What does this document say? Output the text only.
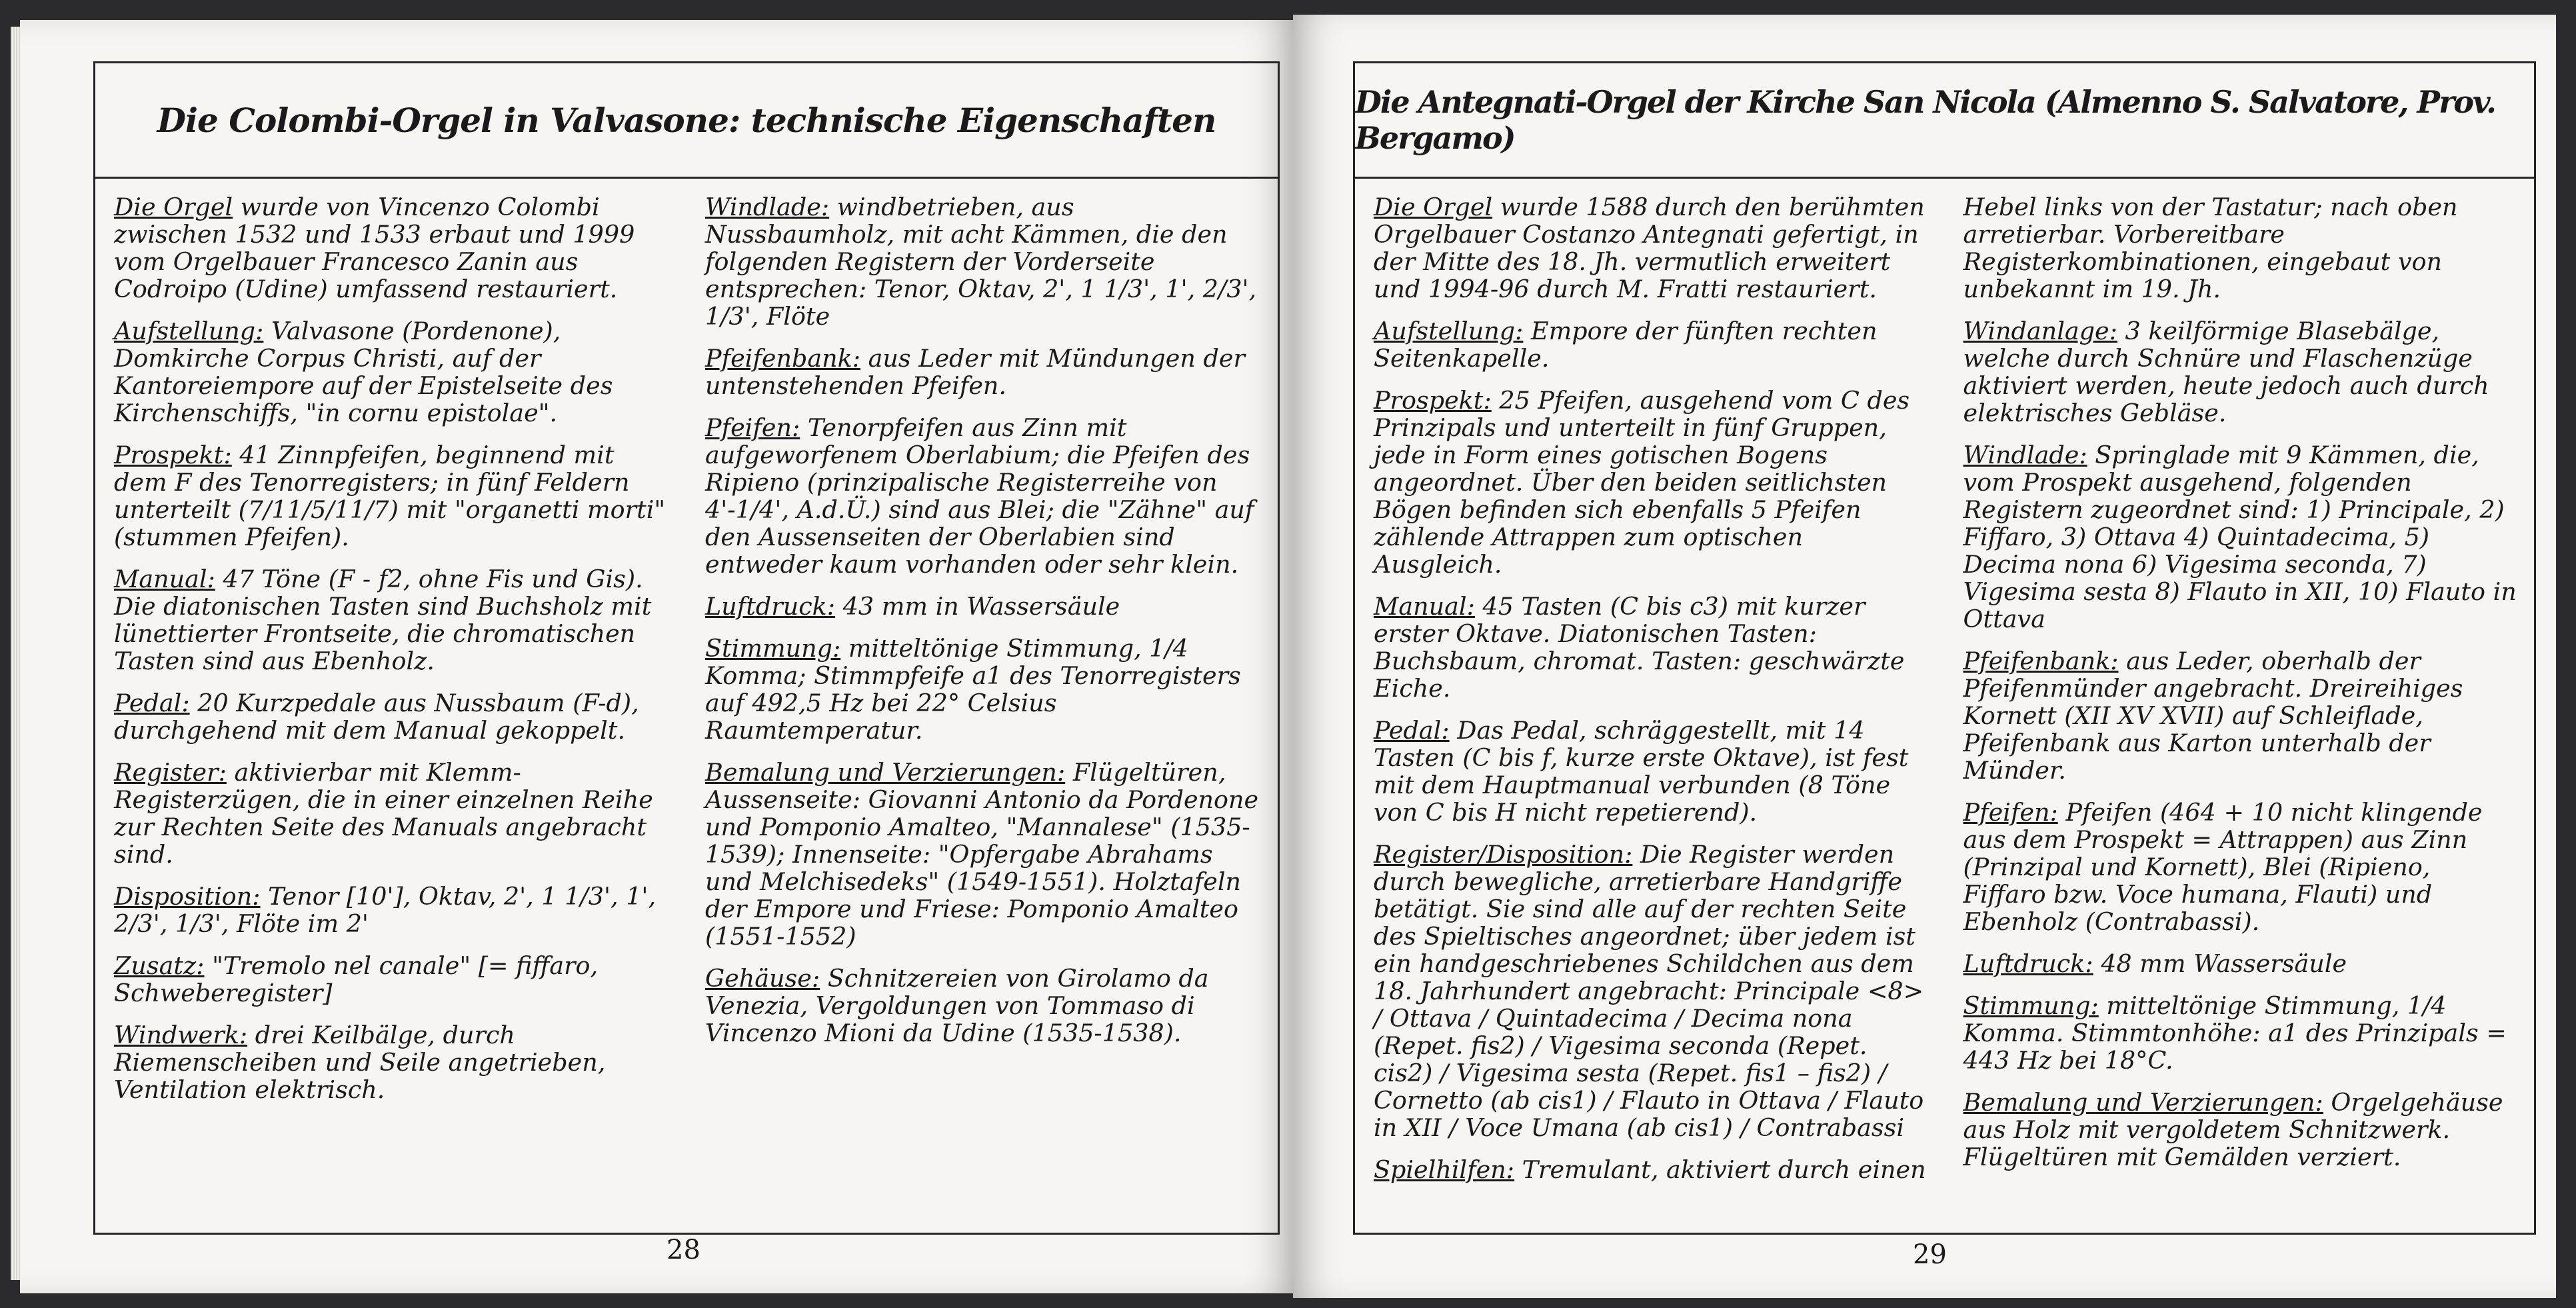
Die Colombi-Orgel in Valvasone: technische Eigenschaften

Die Orgel wurde von Vincenzo Colombi zwischen 1532 und 1533 erbaut und 1999 vom Orgelbauer Francesco Zanin aus Codroipo (Udine) umfassend restauriert.

Aufstellung: Valvasone (Pordenone), Domkirche Corpus Christi, auf der Kantoreiempore auf der Epistelseite des Kirchenschiffs, "in cornu epistolae".

Prospekt: 41 Zinnpfeifen, beginnend mit dem F des Tenorregisters; in fünf Feldern unterteilt (7/11/5/11/7) mit "organetti morti" (stummen Pfeifen).

Manual: 47 Töne (F - f2, ohne Fis und Gis). Die diatonischen Tasten sind Buchsholz mit lünettierter Frontseite, die chromatischen Tasten sind aus Ebenholz.

Pedal: 20 Kurzpedale aus Nussbaum (F-d), durchgehend mit dem Manual gekoppelt.

Register: aktivierbar mit Klemm-Registerzügen, die in einer einzelnen Reihe zur Rechten Seite des Manuals angebracht sind.

Disposition: Tenor [10'], Oktav, 2', 1 1/3', 1', 2/3', 1/3', Flöte im 2'

Zusatz: "Tremolo nel canale" [= fiffaro, Schweberegister]

Windwerk: drei Keilbälge, durch Riemenscheiben und Seile angetrieben, Ventilation elektrisch.

Windlade: windbetrieben, aus Nussbaumholz, mit acht Kämmen, die den folgenden Registern der Vorderseite entsprechen: Tenor, Oktav, 2', 1 1/3', 1', 2/3', 1/3', Flöte

Pfeifenbank: aus Leder mit Mündungen der untenstehenden Pfeifen.

Pfeifen: Tenorpfeifen aus Zinn mit aufgeworfenem Oberlabium; die Pfeifen des Ripieno (prinzipalische Registerreihe von 4'-1/4', A.d.Ü.) sind aus Blei; die "Zähne" auf den Aussenseiten der Oberlabien sind entweder kaum vorhanden oder sehr klein.

Luftdruck: 43 mm in Wassersäule

Stimmung: mitteltönige Stimmung, 1/4 Komma; Stimmpfeife a1 des Tenorregisters auf 492,5 Hz bei 22° Celsius Raumtemperatur.

Bemalung und Verzierungen: Flügeltüren, Aussenseite: Giovanni Antonio da Pordenone und Pomponio Amalteo, "Mannalese" (1535-1539); Innenseite: "Opfergabe Abrahams und Melchisedeks" (1549-1551). Holztafeln der Empore und Friese: Pomponio Amalteo (1551-1552)

Gehäuse: Schnitzereien von Girolamo da Venezia, Vergoldungen von Tommaso di Vincenzo Mioni da Udine (1535-1538).

28
Die Antegnati-Orgel der Kirche San Nicola (Almenno S. Salvatore, Prov. Bergamo)

Die Orgel wurde 1588 durch den berühmten Orgelbauer Costanzo Antegnati gefertigt, in der Mitte des 18. Jh. vermutlich erweitert und 1994-96 durch M. Fratti restauriert.

Aufstellung: Empore der fünften rechten Seitenkapelle.

Prospekt: 25 Pfeifen, ausgehend vom C des Prinzipals und unterteilt in fünf Gruppen, jede in Form eines gotischen Bogens angeordnet. Über den beiden seitlichsten Bögen befinden sich ebenfalls 5 Pfeifen zählende Attrappen zum optischen Ausgleich.

Manual: 45 Tasten (C bis c3) mit kurzer erster Oktave. Diatonischen Tasten: Buchsbaum, chromat. Tasten: geschwärzte Eiche.

Pedal: Das Pedal, schräggestellt, mit 14 Tasten (C bis f, kurze erste Oktave), ist fest mit dem Hauptmanual verbunden (8 Töne von C bis H nicht repetierend).

Register/Disposition: Die Register werden durch bewegliche, arretierbare Handgriffe betätigt. Sie sind alle auf der rechten Seite des Spieltisches angeordnet; über jedem ist ein handgeschriebenes Schildchen aus dem 18. Jahrhundert angebracht: Principale <8> / Ottava / Quintadecima / Decima nona (Repet. fis2) / Vigesima seconda (Repet. cis2) / Vigesima sesta (Repet. fis1 – fis2) / Cornetto (ab cis1) / Flauto in Ottava / Flauto in XII / Voce Umana (ab cis1) / Contrabassi

Spielhilfen: Tremulant, aktiviert durch einen

Hebel links von der Tastatur; nach oben arretierbar. Vorbereitbare Registerkombinationen, eingebaut von unbekannt im 19. Jh.

Windanlage: 3 keilförmige Blasebälge, welche durch Schnüre und Flaschenzüge aktiviert werden, heute jedoch auch durch elektrisches Gebläse.

Windlade: Springlade mit 9 Kämmen, die, vom Prospekt ausgehend, folgenden Registern zugeordnet sind: 1) Principale, 2) Fiffaro, 3) Ottava 4) Quintadecima, 5) Decima nona 6) Vigesima seconda, 7) Vigesima sesta 8) Flauto in XII, 10) Flauto in Ottava

Pfeifenbank: aus Leder, oberhalb der Pfeifenmünder angebracht. Dreireihiges Kornett (XII XV XVII) auf Schleiflade, Pfeifenbank aus Karton unterhalb der Münder.

Pfeifen: Pfeifen (464 + 10 nicht klingende aus dem Prospekt = Attrappen) aus Zinn (Prinzipal und Kornett), Blei (Ripieno, Fiffaro bzw. Voce humana, Flauti) und Ebenholz (Contrabassi).

Luftdruck: 48 mm Wassersäule

Stimmung: mitteltönige Stimmung, 1/4 Komma. Stimmtonhöhe: a1 des Prinzipals = 443 Hz bei 18°C.

Bemalung und Verzierungen: Orgelgehäuse aus Holz mit vergoldetem Schnitzwerk. Flügeltüren mit Gemälden verziert.

29
